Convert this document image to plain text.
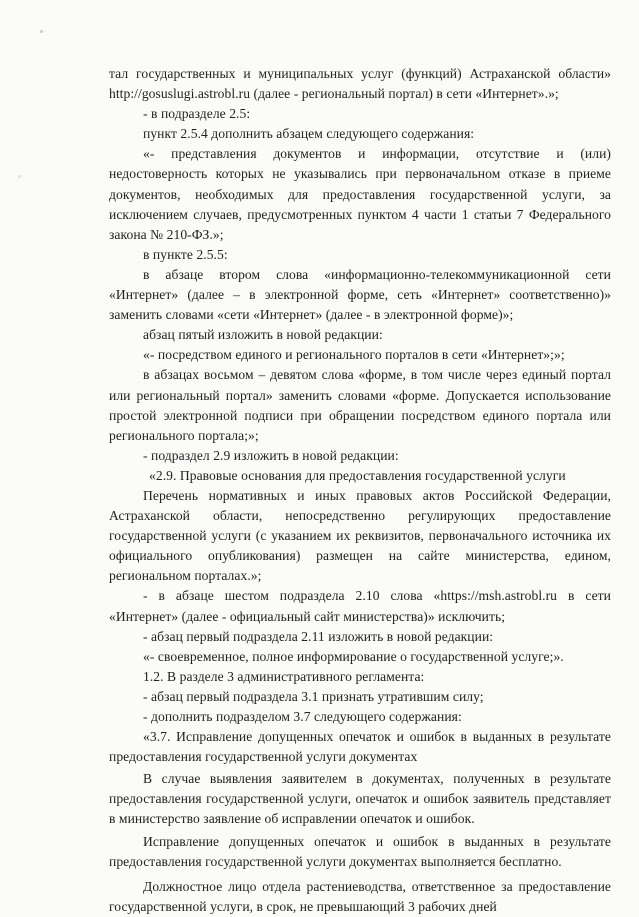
тал государственных и муниципальных услуг (функций) Астраханской области» http://gosuslugi.astrobl.ru (далее - региональный портал) в сети «Интернет».»;

- в подразделе 2.5:

пункт 2.5.4 дополнить абзацем следующего содержания:

«- представления документов и информации, отсутствие и (или) недостоверность которых не указывались при первоначальном отказе в приеме документов, необходимых для предоставления государственной услуги, за исключением случаев, предусмотренных пунктом 4 части 1 статьи 7 Федерального закона № 210-ФЗ.»;

в пункте 2.5.5:

в абзаце втором слова «информационно-телекоммуникационной сети «Интернет» (далее – в электронной форме, сеть «Интернет» соответственно)» заменить словами «сети «Интернет» (далее - в электронной форме)»;

абзац пятый изложить в новой редакции:

«- посредством единого и регионального порталов в сети «Интернет»;»;

в абзацах восьмом – девятом слова «форме, в том числе через единый портал или региональный портал» заменить словами «форме. Допускается использование простой электронной подписи при обращении посредством единого портала или регионального портала;»;

- подраздел 2.9 изложить в новой редакции:

«2.9. Правовые основания для предоставления государственной услуги

Перечень нормативных и иных правовых актов Российской Федерации, Астраханской области, непосредственно регулирующих предоставление государственной услуги (с указанием их реквизитов, первоначального источника их официального опубликования) размещен на сайте министерства, едином, региональном порталах.»;

- в абзаце шестом подраздела 2.10 слова «https://msh.astrobl.ru в сети «Интернет» (далее - официальный сайт министерства)» исключить;

- абзац первый подраздела 2.11 изложить в новой редакции:

«- своевременное, полное информирование о государственной услуге;».

1.2. В разделе 3 административного регламента:

- абзац первый подраздела 3.1 признать утратившим силу;

- дополнить подразделом 3.7 следующего содержания:

«3.7. Исправление допущенных опечаток и ошибок в выданных в результате предоставления государственной услуги документах

В случае выявления заявителем в документах, полученных в результате предоставления государственной услуги, опечаток и ошибок заявитель представляет в министерство заявление об исправлении опечаток и ошибок.

Исправление допущенных опечаток и ошибок в выданных в результате предоставления государственной услуги документах выполняется бесплатно.

Должностное лицо отдела растениеводства, ответственное за предоставление государственной услуги, в срок, не превышающий 3 рабочих дней
